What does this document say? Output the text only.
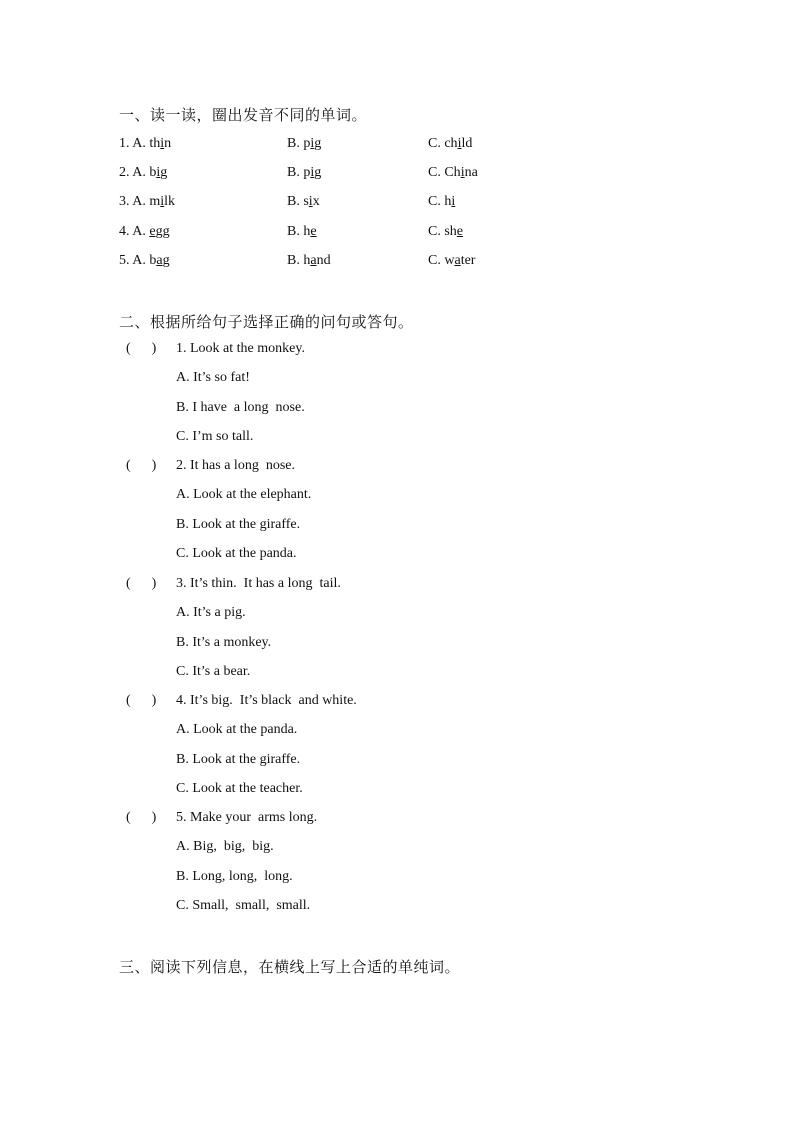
一、读一读，圈出发音不同的单词。
1. A. thin	B. pig	C. child
2. A. big	B. pig	C. China
3. A. milk	B. six	C. hi
4. A. egg	B. he	C. she
5. A. bag	B. hand	C. water
二、根据所给句子选择正确的问句或答句。
(      ) 1. Look at the monkey.
A. It’s so fat!
B. I have  a long  nose.
C. I’m so tall.
(      ) 2. It has a long  nose.
A. Look at the elephant.
B. Look at the giraffe.
C. Look at the panda.
(      ) 3. It’s thin.  It has a long  tail.
A. It’s a pig.
B. It’s a monkey.
C. It’s a bear.
(      ) 4. It’s big.  It’s black  and white.
A. Look at the panda.
B. Look at the giraffe.
C. Look at the teacher.
(      ) 5. Make your  arms long.
A. Big,  big,  big.
B. Long, long,  long.
C. Small,  small,  small.
三、阅读下列信息，在横线上写上合适的单纯词。
